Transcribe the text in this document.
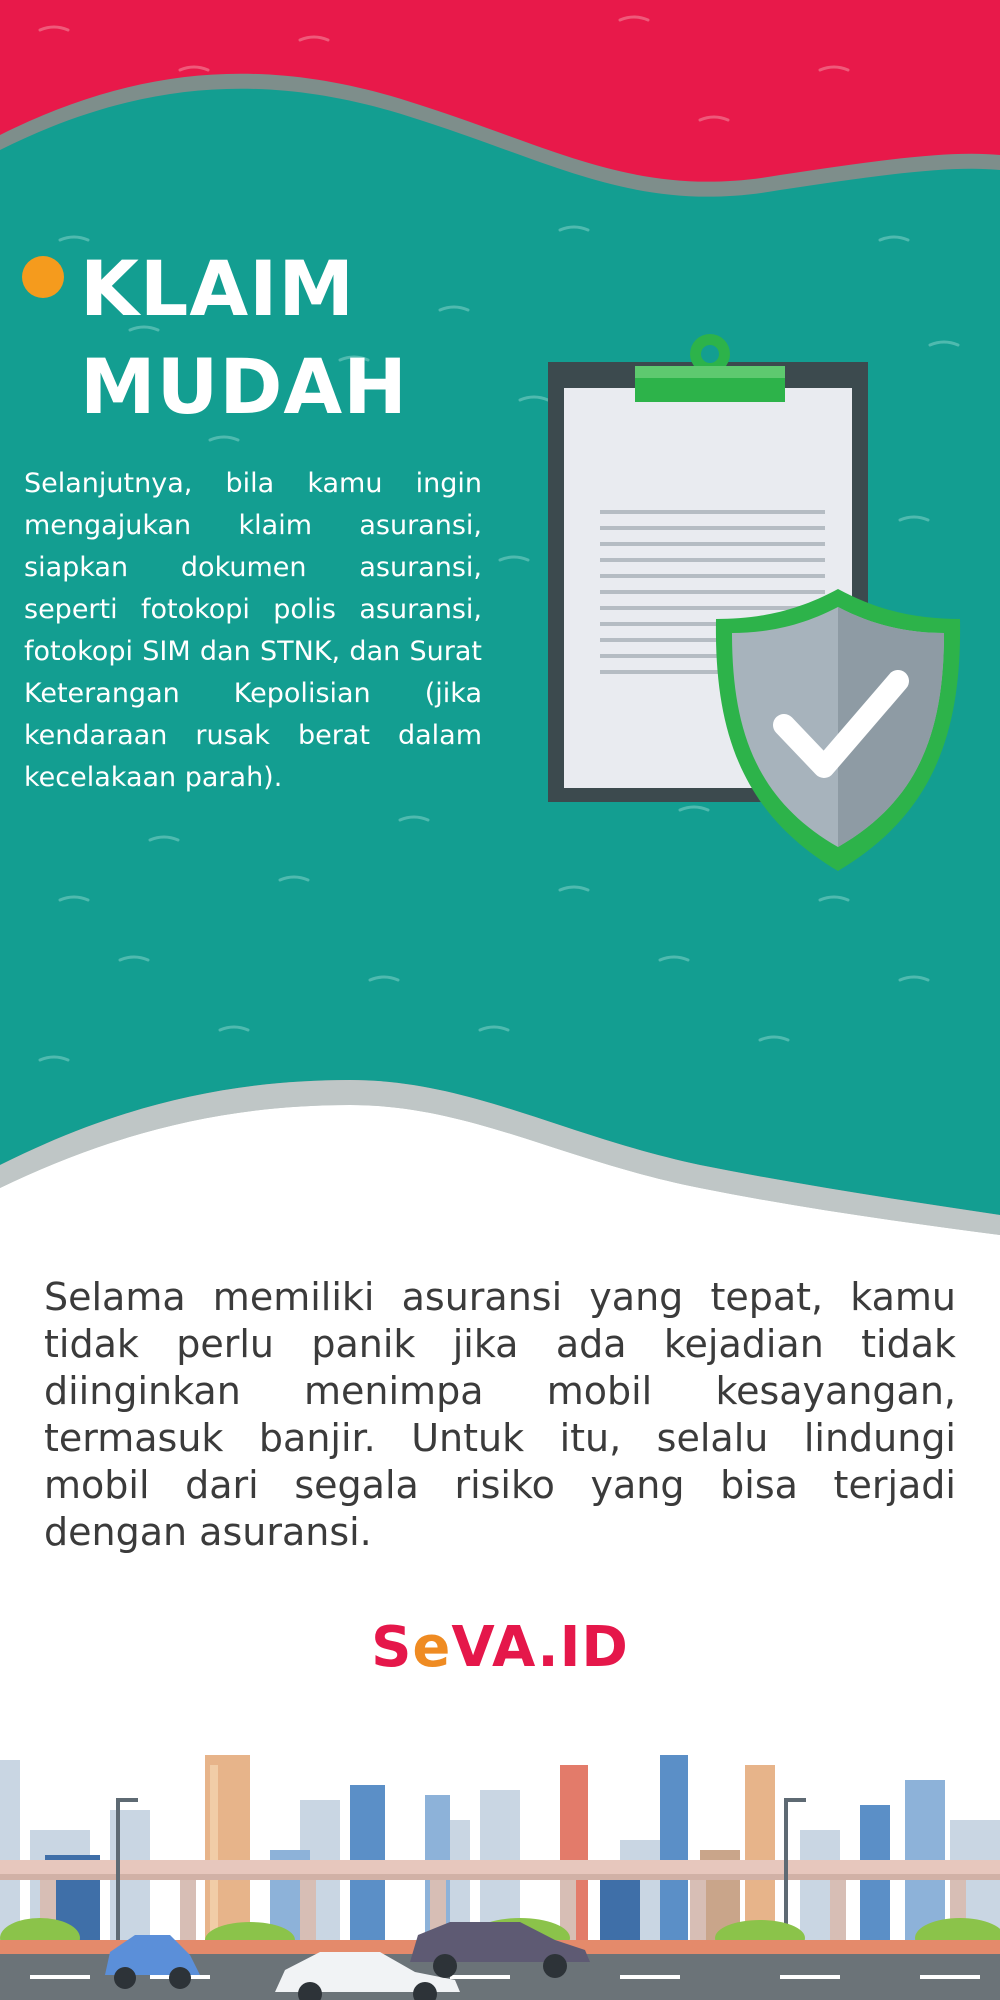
KLAIM
MUDAH

Selanjutnya, bila kamu ingin mengajukan klaim asuransi, siapkan dokumen asuransi, seperti fotokopi polis asuransi, fotokopi SIM dan STNK, dan Surat Keterangan Kepolisian (jika kendaraan rusak berat dalam kecelakaan parah).

Selama memiliki asuransi yang tepat, kamu tidak perlu panik jika ada kejadian tidak diinginkan menimpa mobil kesayangan, termasuk banjir. Untuk itu, selalu lindungi mobil dari segala risiko yang bisa terjadi dengan asuransi.

SeVA.ID
